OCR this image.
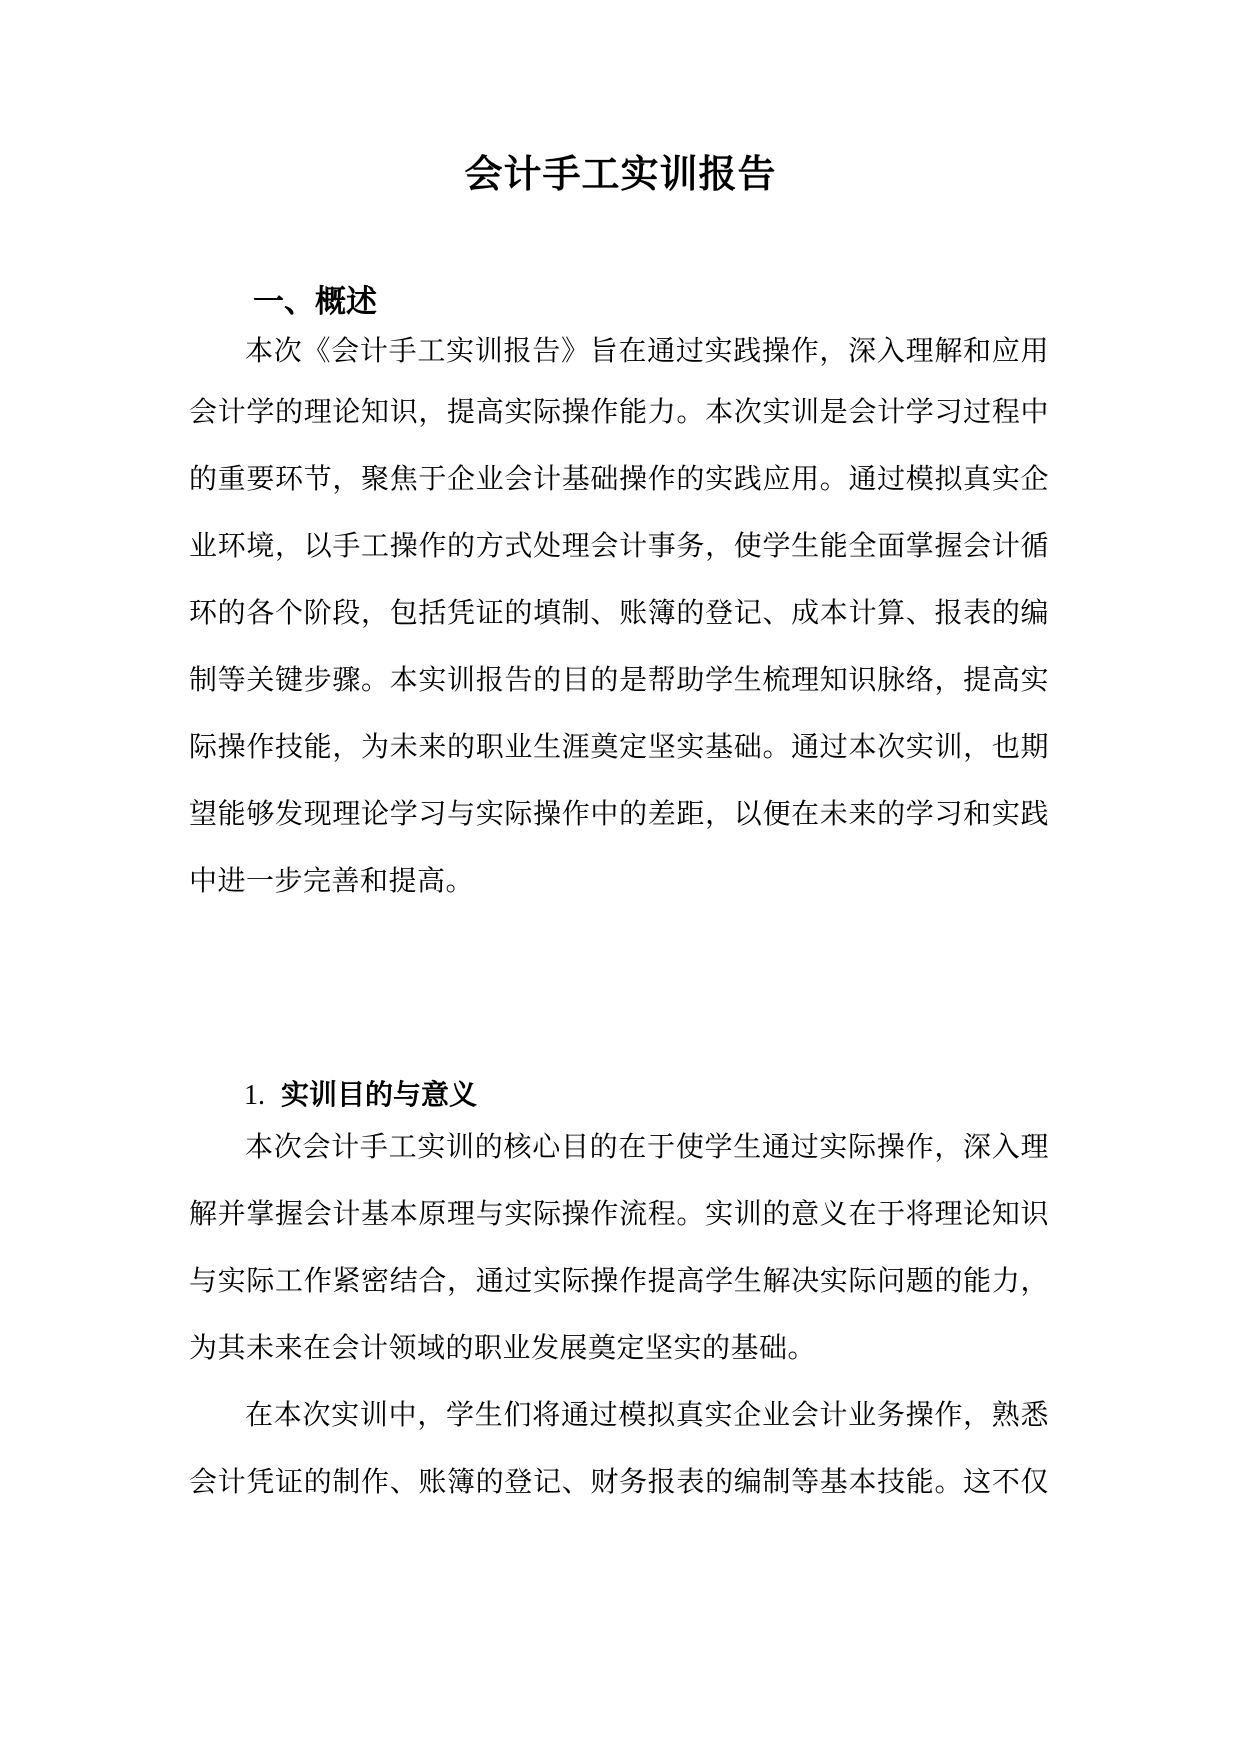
会计手工实训报告
一、概述

本次《会计手工实训报告》旨在通过实践操作，深入理解和应用

会计学的理论知识，提高实际操作能力。本次实训是会计学习过程中

的重要环节，聚焦于企业会计基础操作的实践应用。通过模拟真实企

业环境，以手工操作的方式处理会计事务，使学生能全面掌握会计循

环的各个阶段，包括凭证的填制、账簿的登记、成本计算、报表的编

制等关键步骤。本实训报告的目的是帮助学生梳理知识脉络，提高实

际操作技能，为未来的职业生涯奠定坚实基础。通过本次实训，也期

望能够发现理论学习与实际操作中的差距，以便在未来的学习和实践

中进一步完善和提高。

1. 实训目的与意义

本次会计手工实训的核心目的在于使学生通过实际操作，深入理

解并掌握会计基本原理与实际操作流程。实训的意义在于将理论知识

与实际工作紧密结合，通过实际操作提高学生解决实际问题的能力，

为其未来在会计领域的职业发展奠定坚实的基础。

在本次实训中，学生们将通过模拟真实企业会计业务操作，熟悉

会计凭证的制作、账簿的登记、财务报表的编制等基本技能。这不仅
